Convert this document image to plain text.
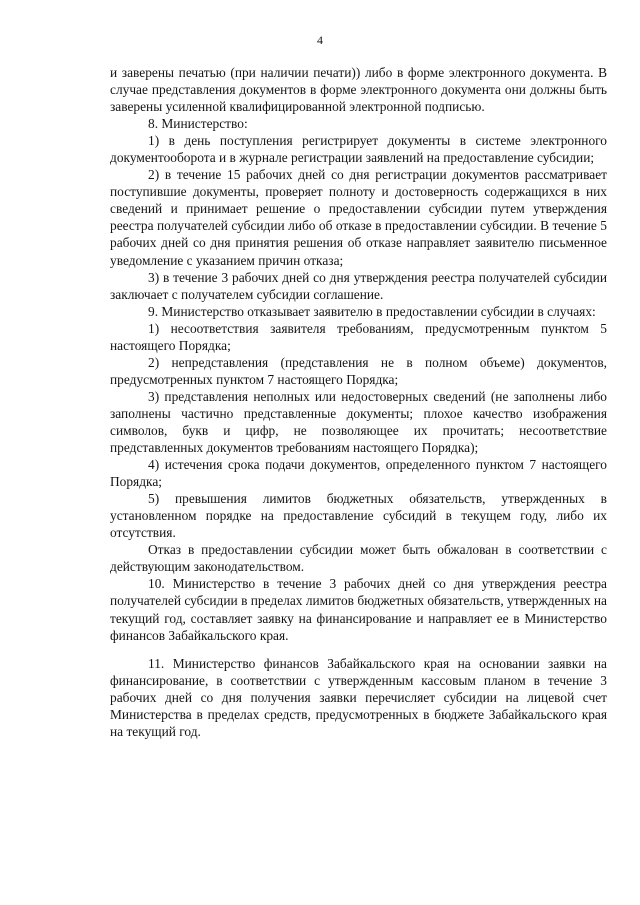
4

и заверены печатью (при наличии печати)) либо в форме электронного документа. В случае представления документов в форме электронного документа они должны быть заверены усиленной квалифицированной электронной подписью.

8. Министерство:

1) в день поступления регистрирует документы в системе электронного документооборота и в журнале регистрации заявлений на предоставление субсидии;

2) в течение 15 рабочих дней со дня регистрации документов рассматривает поступившие документы, проверяет полноту и достоверность содержащихся в них сведений и принимает решение о предоставлении субсидии путем утверждения реестра получателей субсидии либо об отказе в предоставлении субсидии. В течение 5 рабочих дней со дня принятия решения об отказе направляет заявителю письменное уведомление с указанием причин отказа;

3) в течение 3 рабочих дней со дня утверждения реестра получателей субсидии заключает с получателем субсидии соглашение.

9. Министерство отказывает заявителю в предоставлении субсидии в случаях:

1) несоответствия заявителя требованиям, предусмотренным пунктом 5 настоящего Порядка;

2) непредставления (представления не в полном объеме) документов, предусмотренных пунктом 7 настоящего Порядка;

3) представления неполных или недостоверных сведений (не заполнены либо заполнены частично представленные документы; плохое качество изображения символов, букв и цифр, не позволяющее их прочитать; несоответствие представленных документов требованиям настоящего Порядка);

4) истечения срока подачи документов, определенного пунктом 7 настоящего Порядка;

5) превышения лимитов бюджетных обязательств, утвержденных в установленном порядке на предоставление субсидий в текущем году, либо их отсутствия.

Отказ в предоставлении субсидии может быть обжалован в соответствии с действующим законодательством.

10. Министерство в течение 3 рабочих дней со дня утверждения реестра получателей субсидии в пределах лимитов бюджетных обязательств, утвержденных на текущий год, составляет заявку на финансирование и направляет ее в Министерство финансов Забайкальского края.

11. Министерство финансов Забайкальского края на основании заявки на финансирование, в соответствии с утвержденным кассовым планом в течение 3 рабочих дней со дня получения заявки перечисляет субсидии на лицевой счет Министерства в пределах средств, предусмотренных в бюджете Забайкальского края на текущий год.
